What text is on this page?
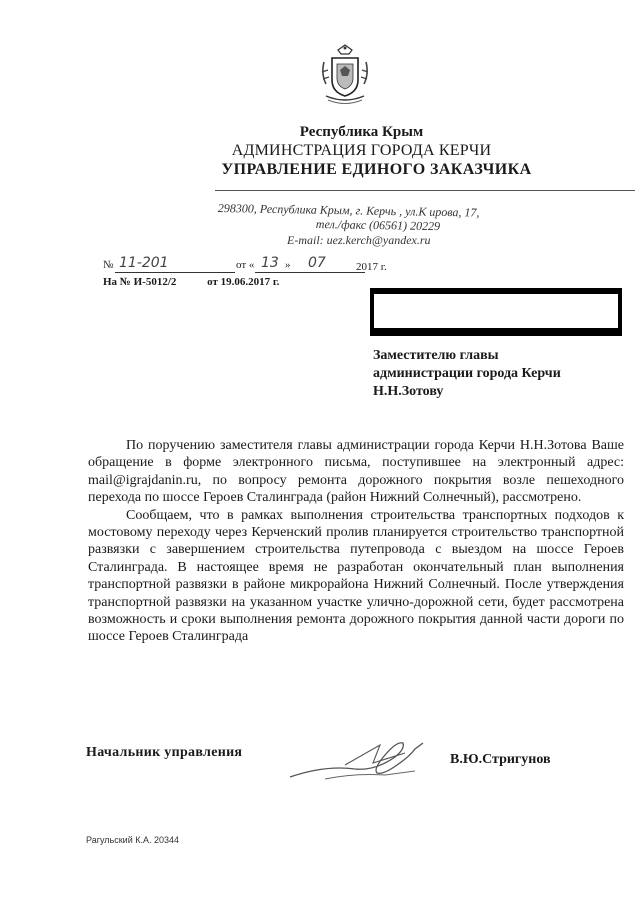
Республика Крым
АДМИНСТРАЦИЯ ГОРОДА КЕРЧИ
УПРАВЛЕНИЕ ЕДИНОГО ЗАКАЗЧИКА
298300, Республика Крым, г. Керчь , ул.К ирова, 17,
тел./факс (06561) 20229
E-mail: uez.kerch@yandex.ru
№ 11-201	от « 13 » 07	2017 г.
На № И-5012/2	от 19.06.2017 г.
Заместителю главы
администрации города Керчи
Н.Н.Зотову

По поручению заместителя главы администрации города Керчи Н.Н.Зотова Ваше обращение в форме электронного письма, поступившее на электронный адрес: mail@igrajdanin.ru, по вопросу ремонта дорожного покрытия возле пешеходного перехода по шоссе Героев Сталинграда (район Нижний Солнечный), рассмотрено.

Сообщаем, что в рамках выполнения строительства транспортных подходов к мостовому переходу через Керченский пролив планируется строительство транспортной развязки с завершением строительства путепровода с выездом на шоссе Героев Сталинграда. В настоящее время не разработан окончательный план выполнения транспортной развязки в районе микрорайона Нижний Солнечный. После утверждения транспортной развязки на указанном участке улично-дорожной сети, будет рассмотрена возможность и сроки выполнения ремонта дорожного покрытия данной части дороги по шоссе Героев Сталинграда

Начальник управления	В.Ю.Стригунов
Рагульский К.А. 20344
